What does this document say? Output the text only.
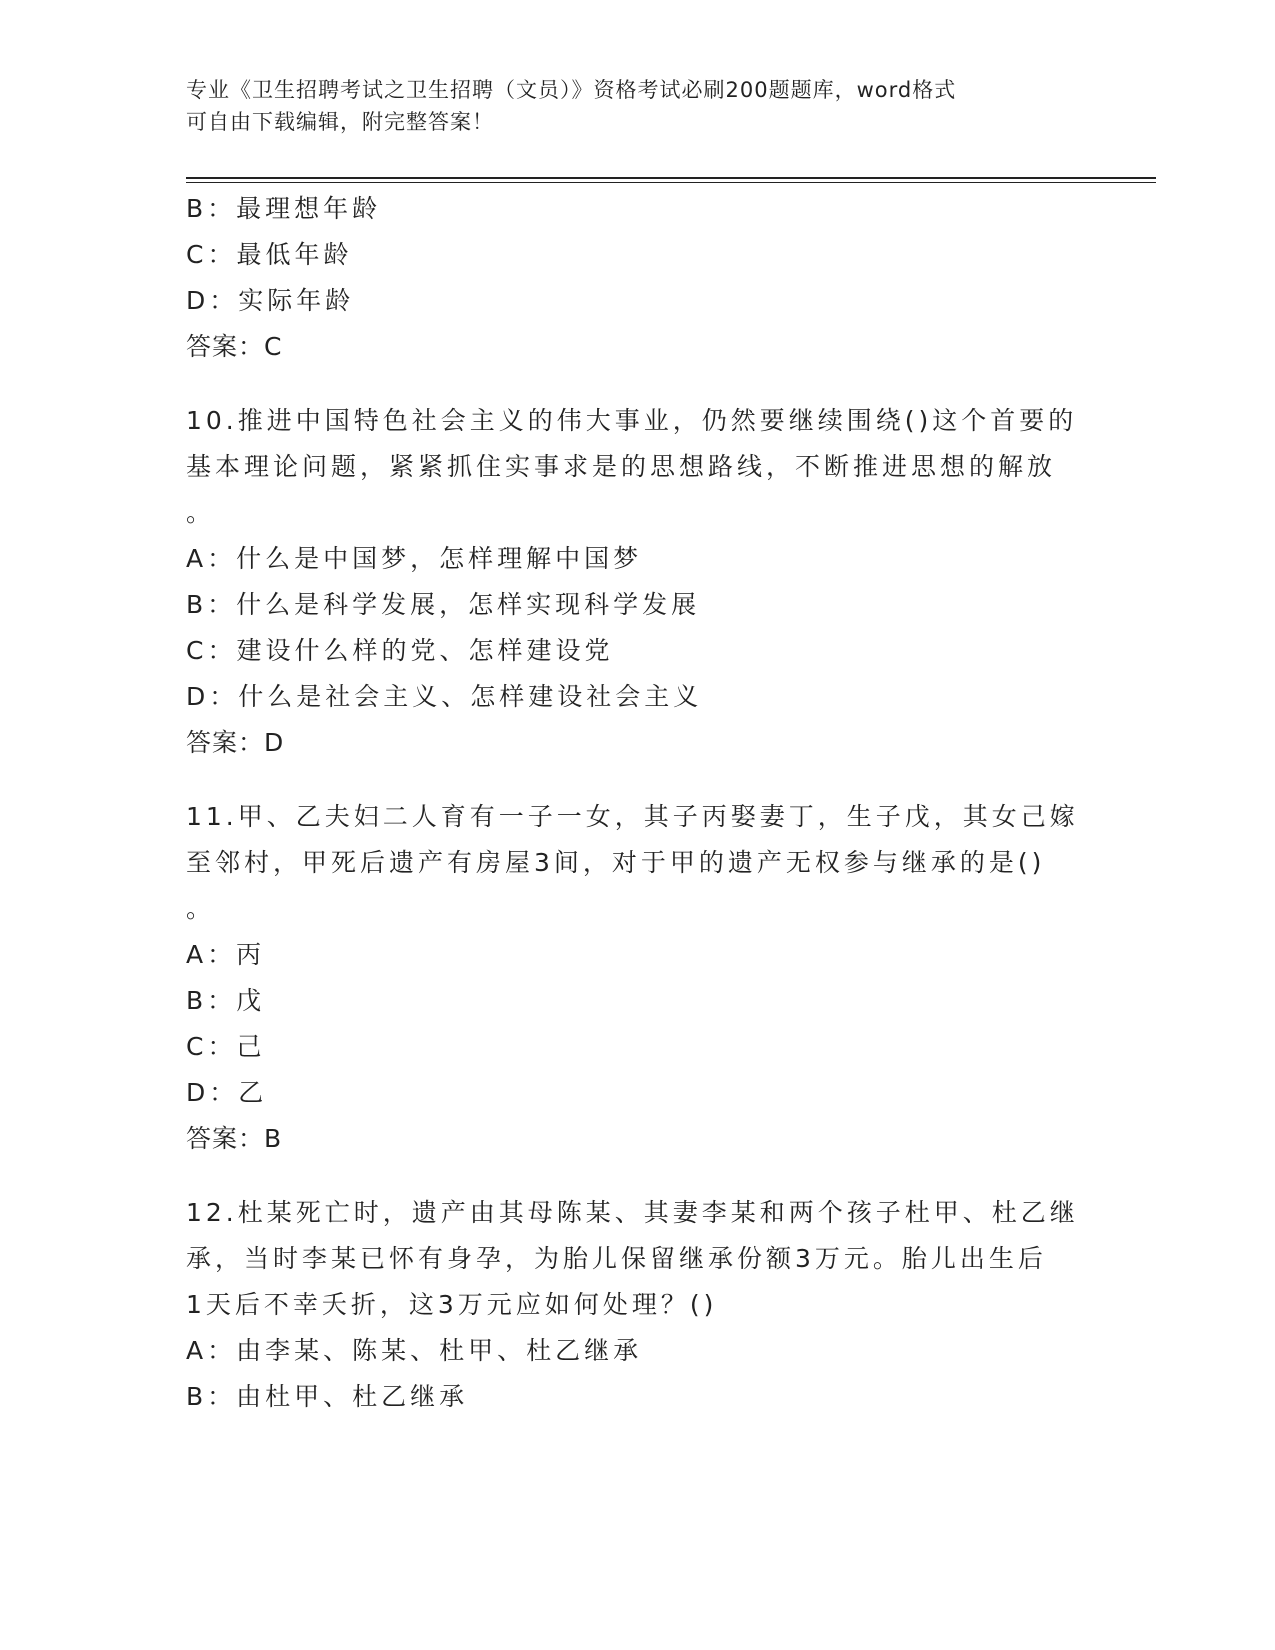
专业《卫生招聘考试之卫生招聘（文员）》资格考试必刷200题题库，word格式
可自由下载编辑，附完整答案！
B：最理想年龄
C：最低年龄
D：实际年龄
答案：C
10.推进中国特色社会主义的伟大事业，仍然要继续围绕()这个首要的
基本理论问题，紧紧抓住实事求是的思想路线，不断推进思想的解放
。
A：什么是中国梦，怎样理解中国梦
B：什么是科学发展，怎样实现科学发展
C：建设什么样的党、怎样建设党
D：什么是社会主义、怎样建设社会主义
答案：D
11.甲、乙夫妇二人育有一子一女，其子丙娶妻丁，生子戊，其女己嫁
至邻村，甲死后遗产有房屋3间，对于甲的遗产无权参与继承的是()
。
A：丙
B：戊
C：己
D：乙
答案：B
12.杜某死亡时，遗产由其母陈某、其妻李某和两个孩子杜甲、杜乙继
承，当时李某已怀有身孕，为胎儿保留继承份额3万元。胎儿出生后
1天后不幸夭折，这3万元应如何处理？()
A：由李某、陈某、杜甲、杜乙继承
B：由杜甲、杜乙继承
